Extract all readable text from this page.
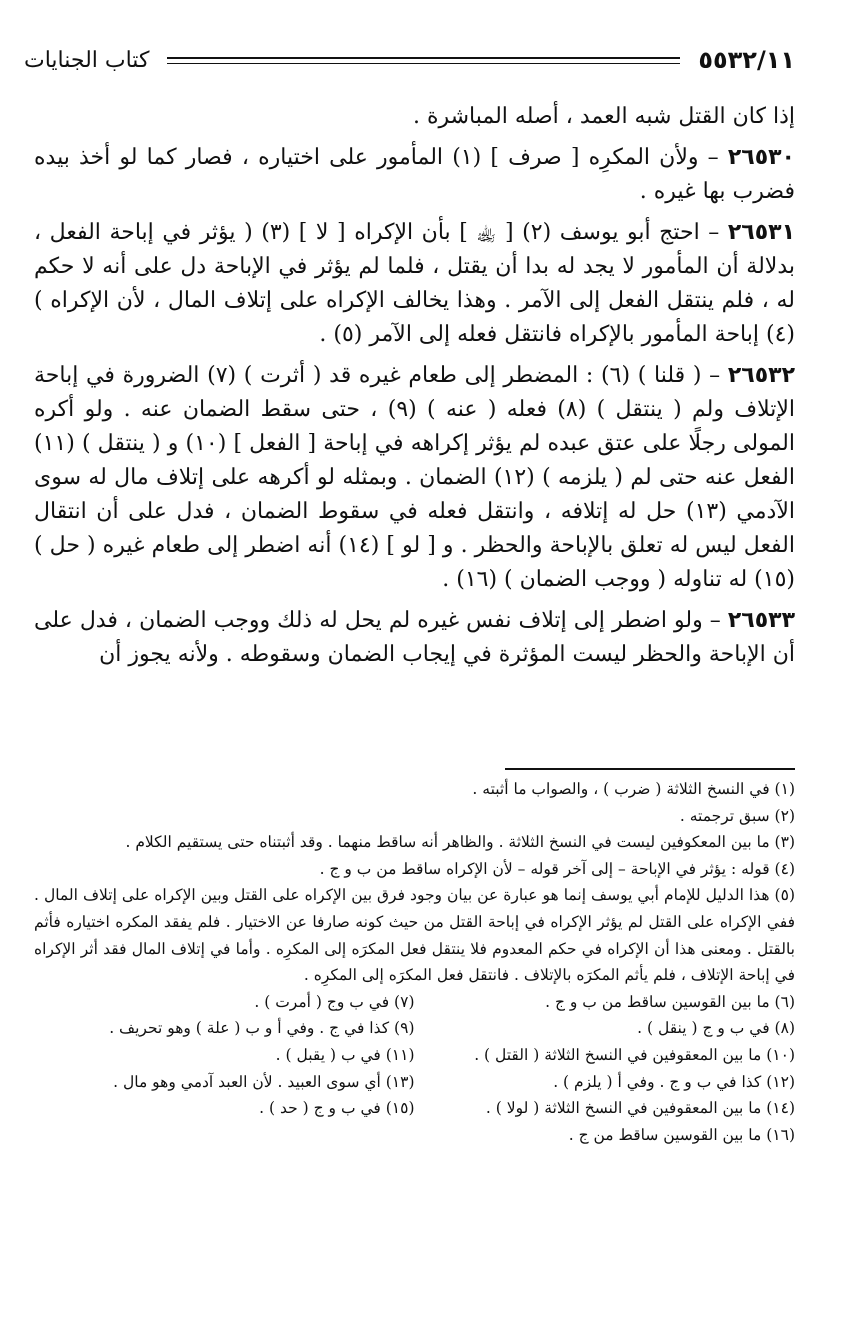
٥٥٣٢/١١
كتاب الجنايات

إذا كان القتل شبه العمد ، أصله المباشرة .

٢٦٥٣٠ – ولأن المكرِه [ صرف ] (١) المأمور على اختياره ، فصار كما لو أخذ بيده فضرب بها غيره .

٢٦٥٣١ – احتج أبو يوسف (٢) [ ﵀ ] بأن الإكراه [ لا ] (٣) ( يؤثر في إباحة الفعل ، بدلالة أن المأمور لا يجد له بدا أن يقتل ، فلما لم يؤثر في الإباحة دل على أنه لا حكم له ، فلم ينتقل الفعل إلى الآمر . وهذا يخالف الإكراه على إتلاف المال ، لأن الإكراه ) (٤) إباحة المأمور بالإكراه فانتقل فعله إلى الآمر (٥) .

٢٦٥٣٢ – ( قلنا ) (٦) : المضطر إلى طعام غيره قد ( أثرت ) (٧) الضرورة في إباحة الإتلاف ولم ( ينتقل ) (٨) فعله ( عنه ) (٩) ، حتى سقط الضمان عنه . ولو أكره المولى رجلًا على عتق عبده لم يؤثر إكراهه في إباحة [ الفعل ] (١٠) و ( ينتقل ) (١١) الفعل عنه حتى لم ( يلزمه ) (١٢) الضمان . وبمثله لو أكرهه على إتلاف مال له سوى الآدمي (١٣) حل له إتلافه ، وانتقل فعله في سقوط الضمان ، فدل على أن انتقال الفعل ليس له تعلق بالإباحة والحظر . و [ لو ] (١٤) أنه اضطر إلى طعام غيره ( حل ) (١٥) له تناوله ( ووجب الضمان ) (١٦) .

٢٦٥٣٣ – ولو اضطر إلى إتلاف نفس غيره لم يحل له ذلك ووجب الضمان ، فدل على أن الإباحة والحظر ليست المؤثرة في إيجاب الضمان وسقوطه . ولأنه يجوز أن

(١) في النسخ الثلاثة ( ضرب ) ، والصواب ما أثبته .

(٢) سبق ترجمته .

(٣) ما بين المعكوفين ليست في النسخ الثلاثة . والظاهر أنه ساقط منهما . وقد أثبتناه حتى يستقيم الكلام .

(٤) قوله : يؤثر في الإباحة – إلى آخر قوله – لأن الإكراه ساقط من ب و ج .

(٥) هذا الدليل للإمام أبي يوسف إنما هو عبارة عن بيان وجود فرق بين الإكراه على القتل وبين الإكراه على إتلاف المال . ففي الإكراه على القتل لم يؤثر الإكراه في إباحة القتل من حيث كونه صارفا عن الاختيار . فلم يفقد المكره اختياره فأثم بالقتل . ومعنى هذا أن الإكراه في حكم المعدوم فلا ينتقل فعل المكرَه إلى المكرِه . وأما في إتلاف المال فقد أثر الإكراه في إباحة الإتلاف ، فلم يأثم المكرَه بالإتلاف . فانتقل فعل المكرَه إلى المكرِه .

(٦) ما بين القوسين ساقط من ب و ج .

(٧) في ب وج ( أمرت ) .

(٨) في ب و ج ( ينقل ) .

(٩) كذا في ج . وفي أ و ب ( علة ) وهو تحريف .

(١٠) ما بين المعقوفين في النسخ الثلاثة ( القتل ) .

(١١) في ب ( يقبل ) .

(١٢) كذا في ب و ج . وفي أ ( يلزم ) .

(١٣) أي سوى العبيد . لأن العبد آدمي وهو مال .

(١٤) ما بين المعقوفين في النسخ الثلاثة ( لولا ) .

(١٥) في ب و ج ( حد ) .

(١٦) ما بين القوسين ساقط من ج .
